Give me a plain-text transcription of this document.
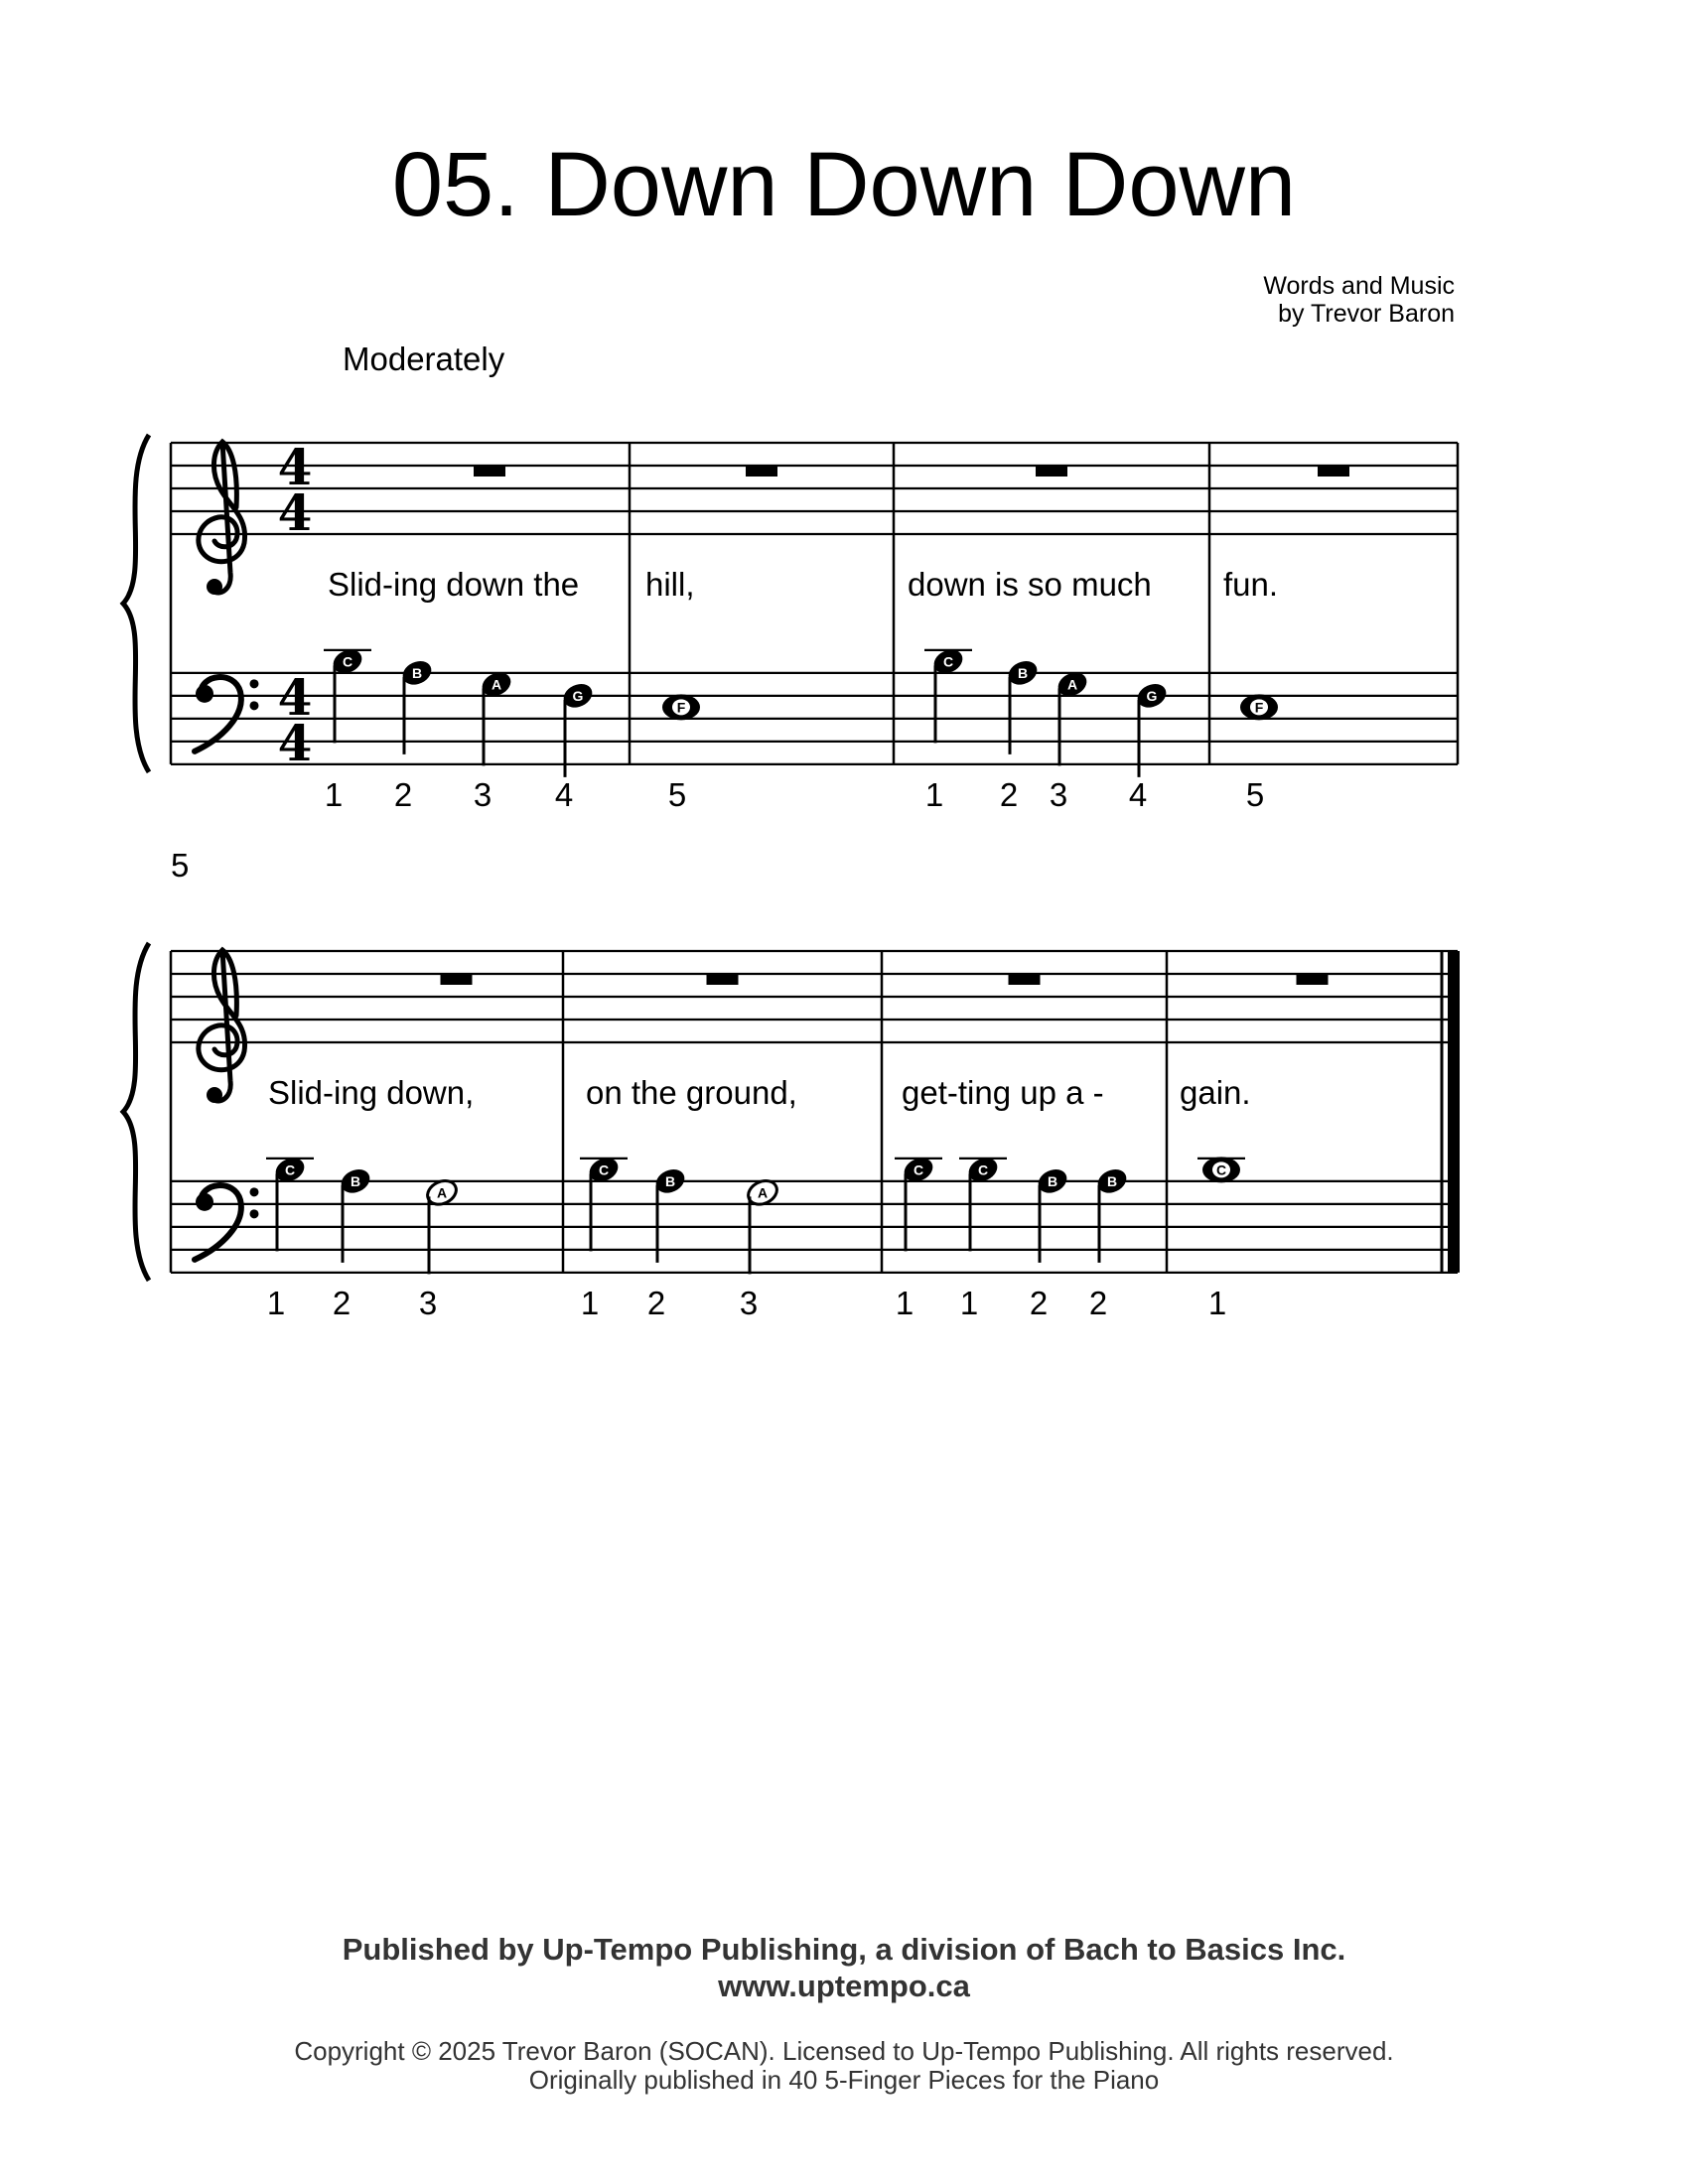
05. Down Down Down
Words and Music
by Trevor Baron
Moderately
5
4
4
4
4
Slid-ing down the
C
1
B
2
A
3
G
4
hill,
F
5
down is so much
C
1
B
2
A
3
G
4
fun.
F
5
Slid-ing down,
C
1
B
2
A
3
on the ground,
C
1
B
2
A
3
get-ting up a -
C
1
C
1
B
2
B
2
gain.
C
1
Published by Up-Tempo Publishing, a division of Bach to Basics Inc.
www.uptempo.ca
Copyright © 2025 Trevor Baron (SOCAN). Licensed to Up-Tempo Publishing. All rights reserved.
Originally published in 40 5-Finger Pieces for the Piano
